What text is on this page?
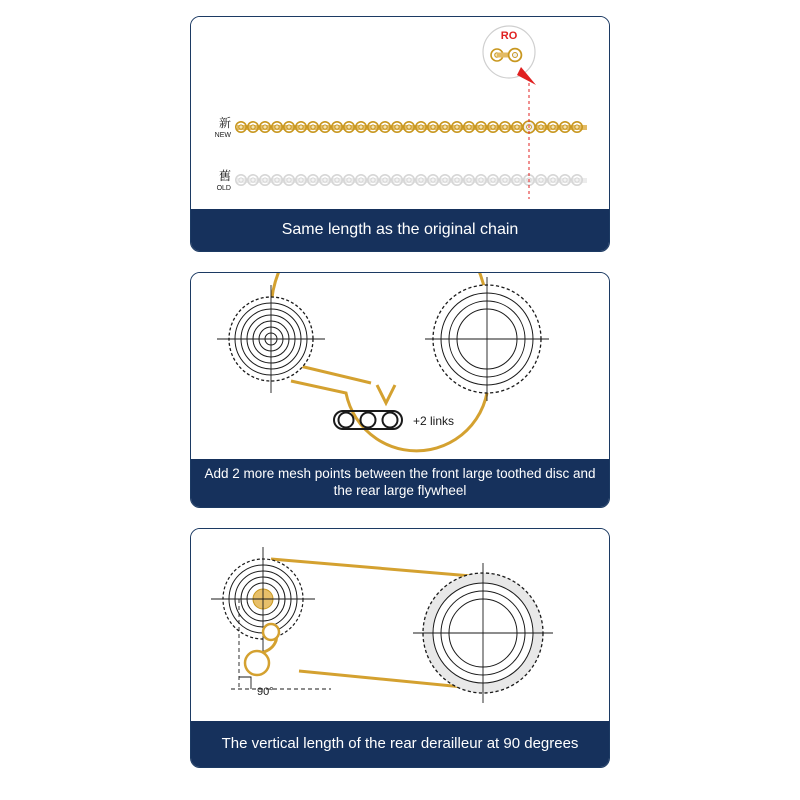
RO
新
NEW
舊
OLD
Same length as the original chain
+2 links
Add 2 more mesh points between the front large toothed disc and the rear large flywheel
90°
The vertical length of the rear derailleur at 90 degrees
